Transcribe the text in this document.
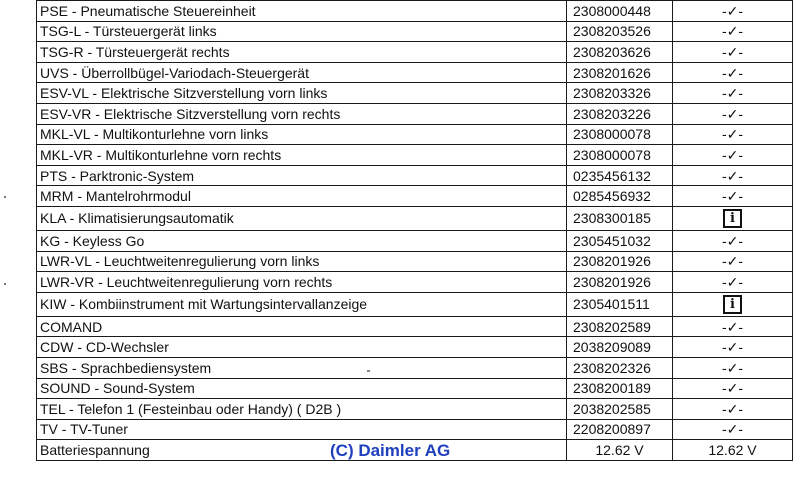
PSE - Pneumatische Steuereinheit	2308000448	-✓-
TSG-L - Türsteuergerät links	2308203526	-✓-
TSG-R - Türsteuergerät rechts	2308203626	-✓-
UVS - Überrollbügel-Variodach-Steuergerät	2308201626	-✓-
ESV-VL - Elektrische Sitzverstellung vorn links	2308203326	-✓-
ESV-VR - Elektrische Sitzverstellung vorn rechts	2308203226	-✓-
MKL-VL - Multikonturlehne vorn links	2308000078	-✓-
MKL-VR - Multikonturlehne vorn rechts	2308000078	-✓-
PTS - Parktronic-System	0235456132	-✓-
MRM - Mantelrohrmodul	0285456932	-✓-
KLA - Klimatisierungsautomatik	2308300185	i
KG - Keyless Go	2305451032	-✓-
LWR-VL - Leuchtweitenregulierung vorn links	2308201926	-✓-
LWR-VR - Leuchtweitenregulierung vorn rechts	2308201926	-✓-
KIW - Kombiinstrument mit Wartungsintervallanzeige	2305401511	i
COMAND	2308202589	-✓-
CDW - CD-Wechsler	2038209089	-✓-
SBS - Sprachbediensystem	2308202326	-✓-
SOUND - Sound-System	2308200189	-✓-
TEL - Telefon 1 (Festeinbau oder Handy) ( D2B )	2038202585	-✓-
TV - TV-Tuner	2208200897	-✓-
Batteriespannung	12.62 V	12.62 V
(C) Daimler AG
